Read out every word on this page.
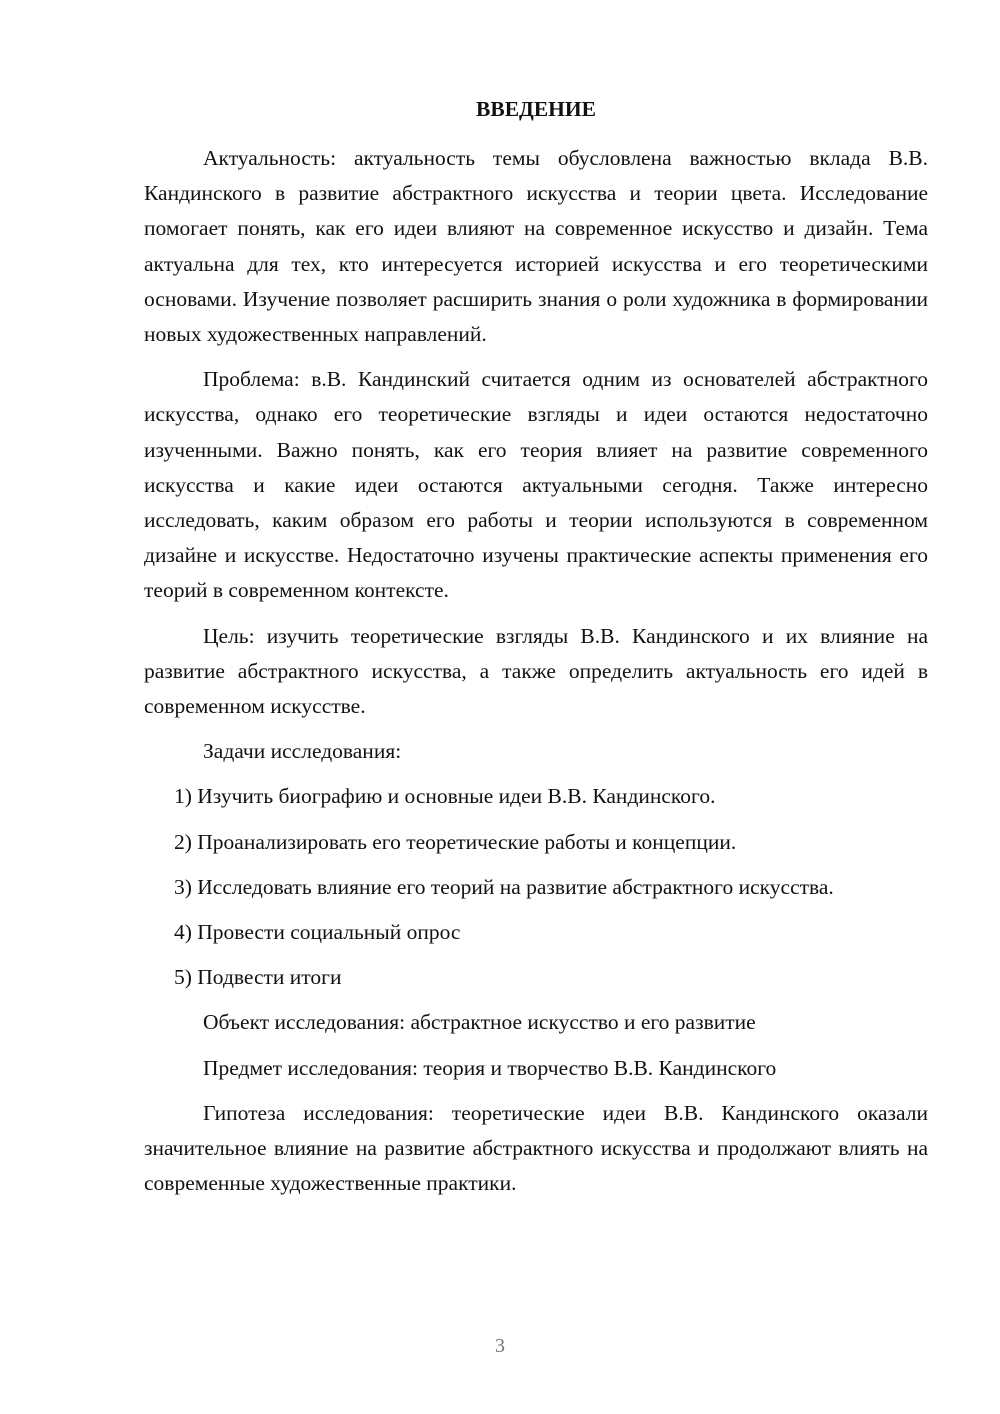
ВВЕДЕНИЕ

Актуальность: актуальность темы обусловлена важностью вклада В.В. Кандинского в развитие абстрактного искусства и теории цвета. Исследование помогает понять, как его идеи влияют на современное искусство и дизайн. Тема актуальна для тех, кто интересуется историей искусства и его теоретическими основами. Изучение позволяет расширить знания о роли художника в формировании новых художественных направлений.

Проблема: в.В. Кандинский считается одним из основателей абстрактного искусства, однако его теоретические взгляды и идеи остаются недостаточно изученными. Важно понять, как его теория влияет на развитие современного искусства и какие идеи остаются актуальными сегодня. Также интересно исследовать, каким образом его работы и теории используются в современном дизайне и искусстве. Недостаточно изучены практические аспекты применения его теорий в современном контексте.

Цель: изучить теоретические взгляды В.В. Кандинского и их влияние на развитие абстрактного искусства, а также определить актуальность его идей в современном искусстве.

Задачи исследования:

1) Изучить биографию и основные идеи В.В. Кандинского.

2) Проанализировать его теоретические работы и концепции.

3) Исследовать влияние его теорий на развитие абстрактного искусства.

4) Провести социальный опрос

5) Подвести итоги

Объект исследования: абстрактное искусство и его развитие

Предмет исследования: теория и творчество В.В. Кандинского

Гипотеза исследования: теоретические идеи В.В. Кандинского оказали значительное влияние на развитие абстрактного искусства и продолжают влиять на современные художественные практики.

3
